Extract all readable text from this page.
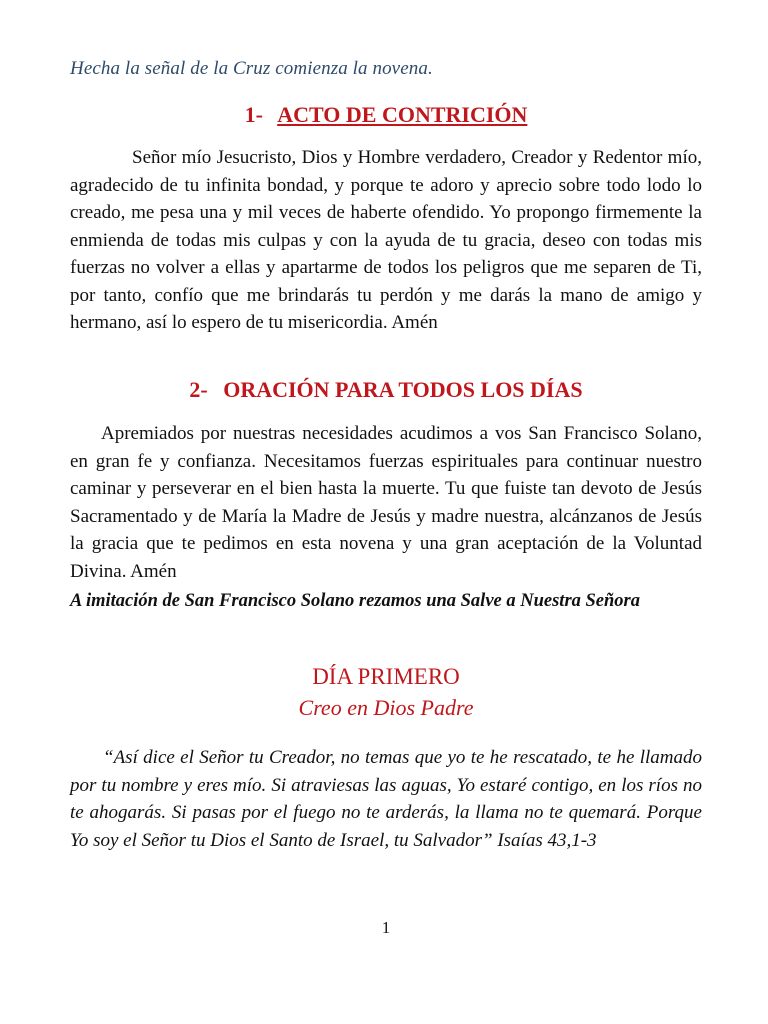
Hecha la señal de la Cruz comienza la novena.
1- ACTO DE CONTRICIÓN

Señor mío Jesucristo, Dios y Hombre verdadero, Creador y Redentor mío, agradecido de tu infinita bondad, y porque te adoro y aprecio sobre todo lodo lo creado, me pesa una y mil veces de haberte ofendido. Yo propongo firmemente la enmienda de todas mis culpas y con la ayuda de tu gracia, deseo con todas mis fuerzas no volver a ellas y apartarme de todos los peligros que me separen de Ti, por tanto, confío que me brindarás tu perdón y me darás la mano de amigo y hermano, así lo espero de tu misericordia. Amén

2- ORACIÓN PARA TODOS LOS DÍAS

Apremiados por nuestras necesidades acudimos a vos San Francisco Solano, en gran fe y confianza. Necesitamos fuerzas espirituales para continuar nuestro caminar y perseverar en el bien hasta la muerte. Tu que fuiste tan devoto de Jesús Sacramentado y de María la Madre de Jesús y madre nuestra, alcánzanos de Jesús la gracia que te pedimos en esta novena y una gran aceptación de la Voluntad Divina. Amén

A imitación de San Francisco Solano rezamos una Salve a Nuestra Señora

DÍA PRIMERO
Creo en Dios Padre

“Así dice el Señor tu Creador, no temas que yo te he rescatado, te he llamado por tu nombre y eres mío. Si atraviesas las aguas, Yo estaré contigo, en los ríos no te ahogarás. Si pasas por el fuego no te arderás, la llama no te quemará. Porque Yo soy el Señor tu Dios el Santo de Israel, tu Salvador” Isaías 43,1-3

1
